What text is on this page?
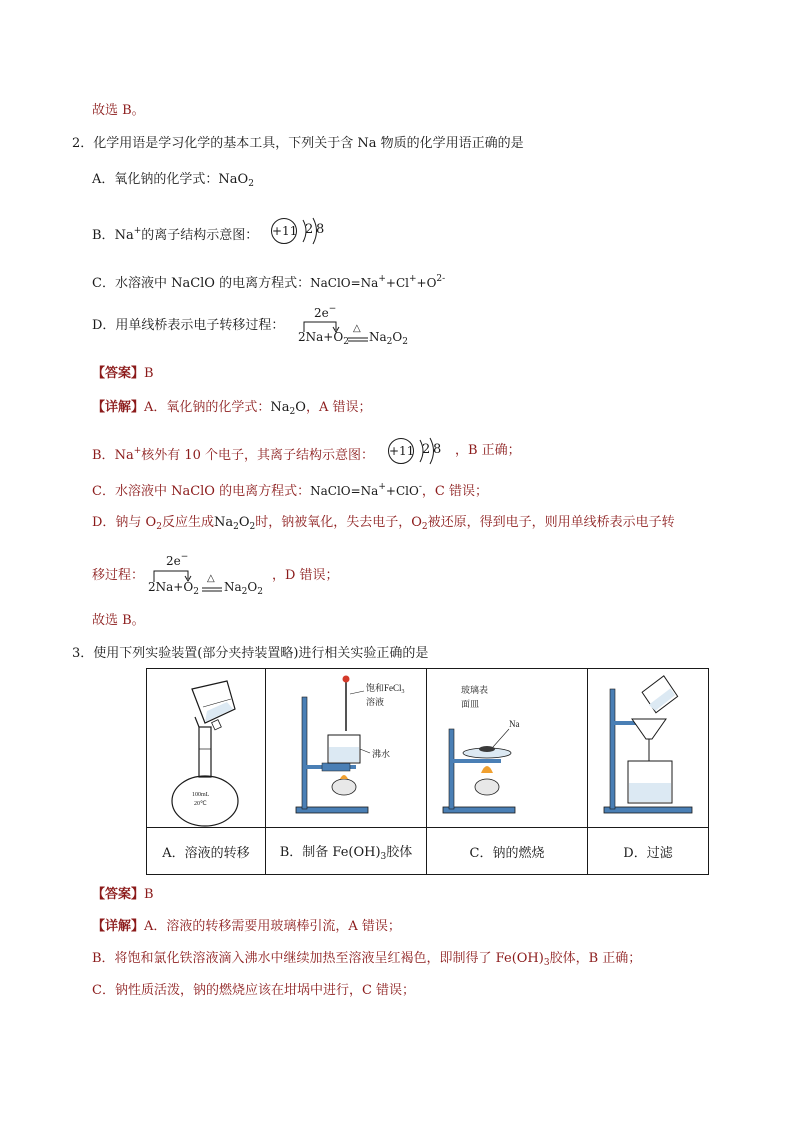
故选 B。
2．化学用语是学习化学的基本工具，下列关于含 Na 物质的化学用语正确的是
A．氧化钠的化学式：NaO$_2$
B．Na+的离子结构示意图： +11 2 8
C．水溶液中 NaClO 的电离方程式：$NaClO=Na^++Cl^++O^{2-}$
D．用单线桥表示电子转移过程：
2e−
$2Na+O_2$
△
$Na_2O_2$
【答案】B
【详解】A．氧化钠的化学式：$Na_2O$，A 错误；
B．Na+核外有 10 个电子，其离子结构示意图： +11 2 8 ，B 正确；
C．水溶液中 NaClO 的电离方程式：NaClO=Na++ClO-，C 错误；
D．钠与 $O_2$反应生成$Na_2O_2$时，钠被氧化，失去电子，$O_2$被还原，得到电子，则用单线桥表示电子转
移过程：
2e−
$2Na+O_2$
△
$Na_2O_2$
，D 错误；
故选 B。
3．使用下列实验装置(部分夹持装置略)进行相关实验正确的是
100mL
20℃	饱和FeCl$_3$
溶液
沸水	玻璃表
面皿
Na

A．溶液的转移	B．制备 $Fe(OH)_3$胶体	C．钠的燃烧	D．过滤
【答案】B
【详解】A．溶液的转移需要用玻璃棒引流，A 错误；
B．将饱和氯化铁溶液滴入沸水中继续加热至溶液呈红褐色，即制得了 $Fe(OH)_3$胶体，B 正确；
C．钠性质活泼，钠的燃烧应该在坩埚中进行，C 错误；
